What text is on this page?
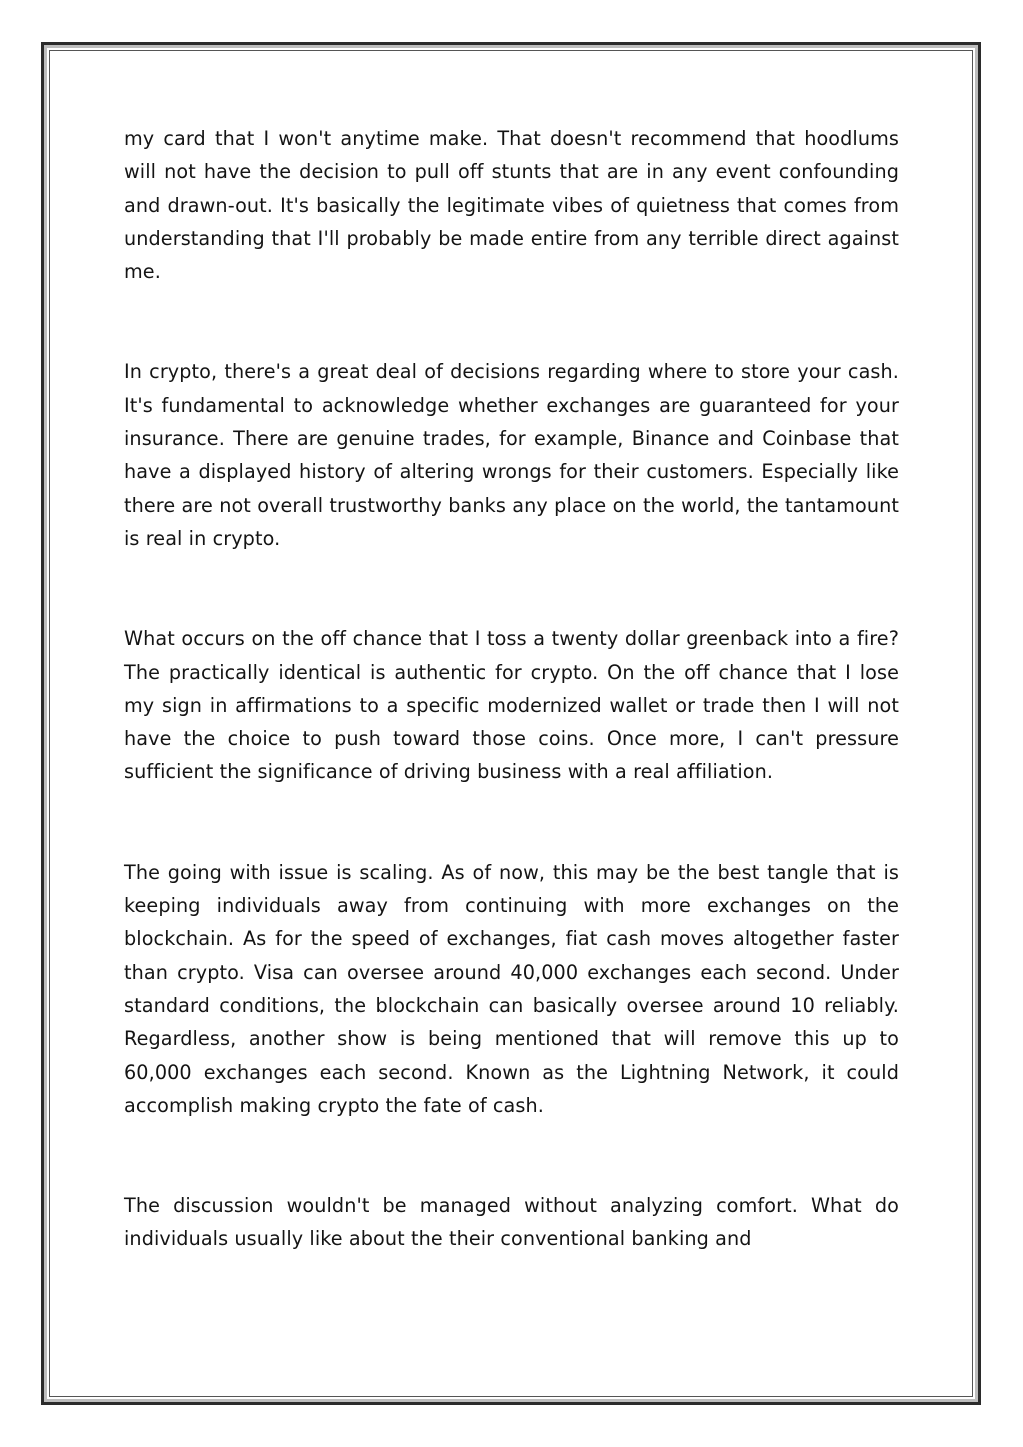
my card that I won't anytime make. That doesn't recommend that hoodlums will not have the decision to pull off stunts that are in any event confounding and drawn-out. It's basically the legitimate vibes of quietness that comes from understanding that I'll probably be made entire from any terrible direct against me.

In crypto, there's a great deal of decisions regarding where to store your cash. It's fundamental to acknowledge whether exchanges are guaranteed for your insurance. There are genuine trades, for example, Binance and Coinbase that have a displayed history of altering wrongs for their customers. Especially like there are not overall trustworthy banks any place on the world, the tantamount is real in crypto.

What occurs on the off chance that I toss a twenty dollar greenback into a fire? The practically identical is authentic for crypto. On the off chance that I lose my sign in affirmations to a specific modernized wallet or trade then I will not have the choice to push toward those coins. Once more, I can't pressure sufficient the significance of driving business with a real affiliation.

The going with issue is scaling. As of now, this may be the best tangle that is keeping individuals away from continuing with more exchanges on the blockchain. As for the speed of exchanges, fiat cash moves altogether faster than crypto. Visa can oversee around 40,000 exchanges each second. Under standard conditions, the blockchain can basically oversee around 10 reliably. Regardless, another show is being mentioned that will remove this up to 60,000 exchanges each second. Known as the Lightning Network, it could accomplish making crypto the fate of cash.

The discussion wouldn't be managed without analyzing comfort. What do individuals usually like about the their conventional banking and
